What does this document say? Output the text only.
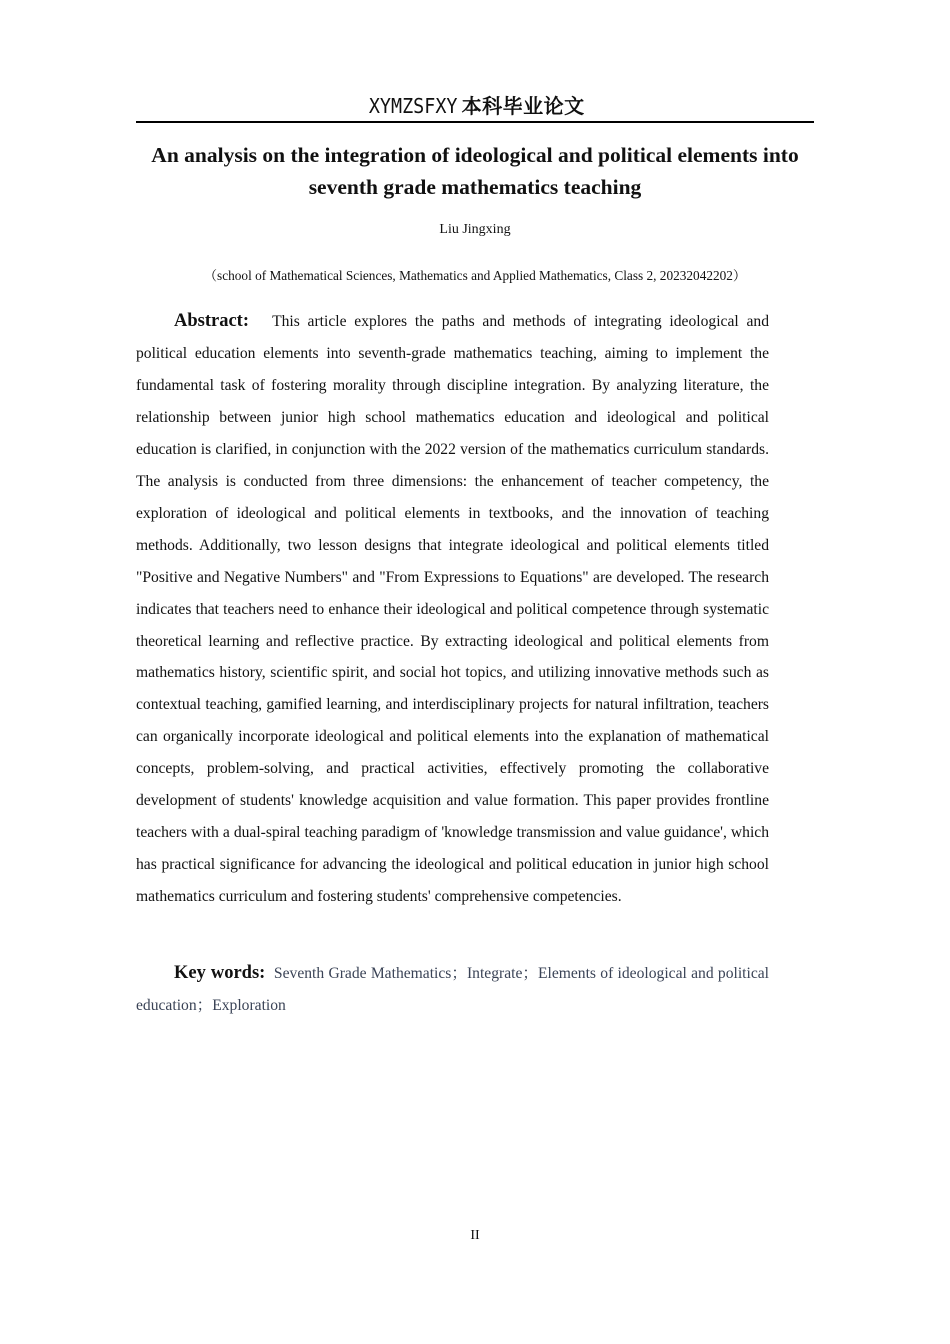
XYMZSFXY 本科毕业论文
An analysis on the integration of ideological and political elements into seventh grade mathematics teaching
Liu Jingxing
（school of Mathematical Sciences, Mathematics and Applied Mathematics, Class 2, 20232042202）

Abstract: This article explores the paths and methods of integrating ideological and political education elements into seventh-grade mathematics teaching, aiming to implement the fundamental task of fostering morality through discipline integration. By analyzing literature, the relationship between junior high school mathematics education and ideological and political education is clarified, in conjunction with the 2022 version of the mathematics curriculum standards. The analysis is conducted from three dimensions: the enhancement of teacher competency, the exploration of ideological and political elements in textbooks, and the innovation of teaching methods. Additionally, two lesson designs that integrate ideological and political elements titled "Positive and Negative Numbers" and "From Expressions to Equations" are developed. The research indicates that teachers need to enhance their ideological and political competence through systematic theoretical learning and reflective practice. By extracting ideological and political elements from mathematics history, scientific spirit, and social hot topics, and utilizing innovative methods such as contextual teaching, gamified learning, and interdisciplinary projects for natural infiltration, teachers can organically incorporate ideological and political elements into the explanation of mathematical concepts, problem-solving, and practical activities, effectively promoting the collaborative development of students' knowledge acquisition and value formation. This paper provides frontline teachers with a dual-spiral teaching paradigm of 'knowledge transmission and value guidance', which has practical significance for advancing the ideological and political education in junior high school mathematics curriculum and fostering students' comprehensive competencies.

Key words: Seventh Grade Mathematics；Integrate；Elements of ideological and political education；Exploration

II
